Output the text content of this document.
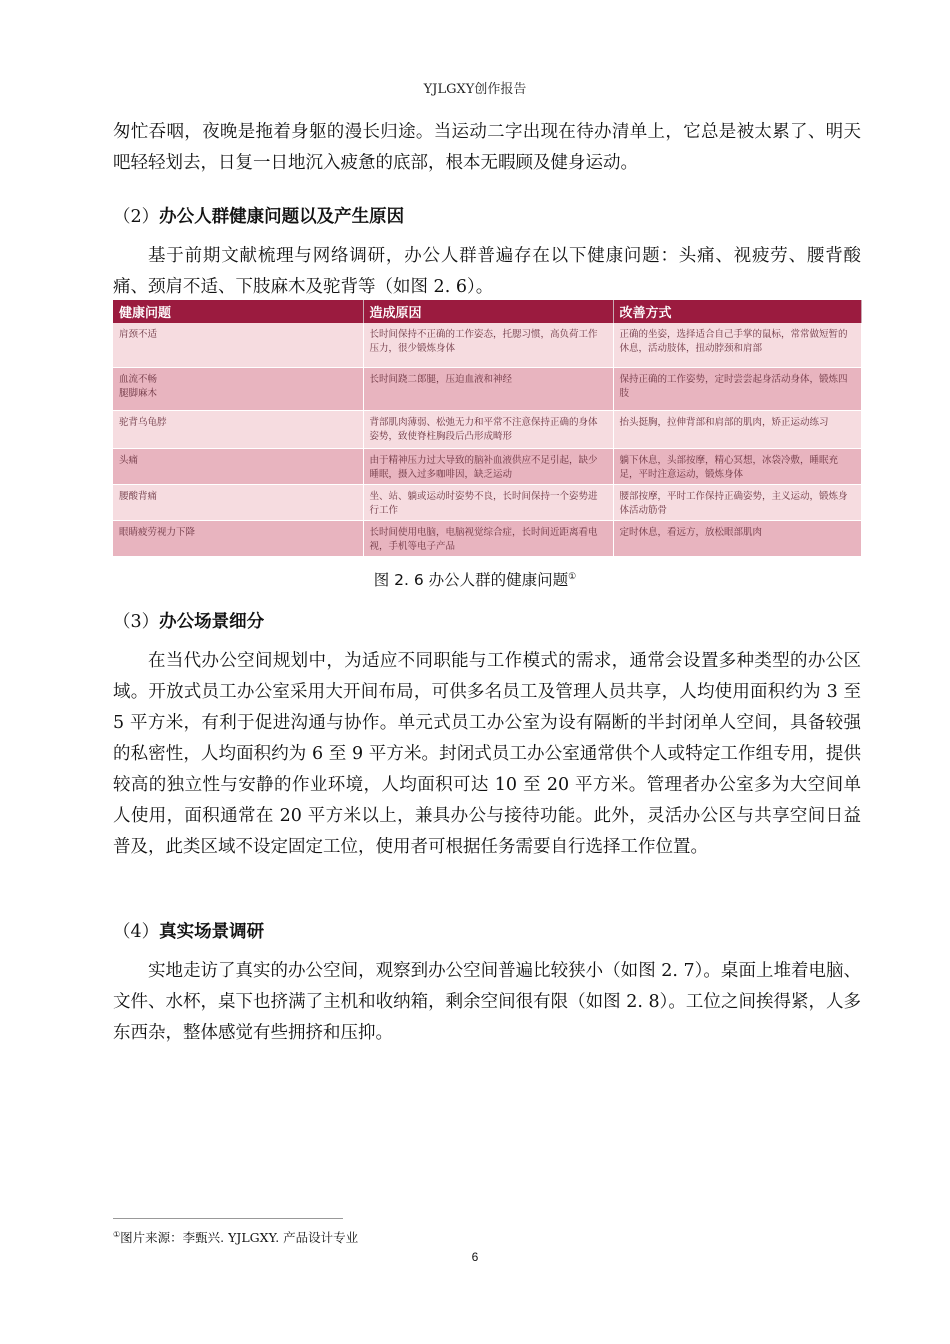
YJLGXY创作报告

匆忙吞咽，夜晚是拖着身躯的漫长归途。当运动二字出现在待办清单上，它总是被太累了、明天吧轻轻划去，日复一日地沉入疲惫的底部，根本无暇顾及健身运动。

（2）办公人群健康问题以及产生原因

基于前期文献梳理与网络调研，办公人群普遍存在以下健康问题：头痛、视疲劳、腰背酸痛、颈肩不适、下肢麻木及驼背等（如图 2. 6）。

健康问题	造成原因	改善方式
肩颈不适	长时间保持不正确的工作姿态，托腮习惯，高负荷工作压力，很少锻炼身体	正确的坐姿，选择适合自己手掌的鼠标，常常做短暂的休息，活动肢体，扭动脖颈和肩部
血流不畅
腿脚麻木	长时间跷二郎腿，压迫血液和神经	保持正确的工作姿势，定时尝尝起身活动身体，锻炼四肢
驼背乌龟脖	背部肌肉薄弱、松弛无力和平常不注意保持正确的身体姿势，致使脊柱胸段后凸形成畸形	抬头挺胸，拉伸背部和肩部的肌肉，矫正运动练习
头痛	由于精神压力过大导致的脑补血液供应不足引起，缺少睡眠，摄入过多咖啡因，缺乏运动	躺下休息，头部按摩，精心冥想，冰袋冷敷，睡眠充足，平时注意运动，锻炼身体
腰酸背痛	坐、站、躺或运动时姿势不良，长时间保持一个姿势进行工作	腰部按摩，平时工作保持正确姿势，主义运动，锻炼身体活动筋骨
眼睛疲劳视力下降	长时间使用电脑，电脑视觉综合症，长时间近距离看电视，手机等电子产品	定时休息，看远方，放松眼部肌肉
图 2. 6 办公人群的健康问题①
（3）办公场景细分

在当代办公空间规划中，为适应不同职能与工作模式的需求，通常会设置多种类型的办公区域。开放式员工办公室采用大开间布局，可供多名员工及管理人员共享，人均使用面积约为 3 至 5 平方米，有利于促进沟通与协作。单元式员工办公室为设有隔断的半封闭单人空间，具备较强的私密性，人均面积约为 6 至 9 平方米。封闭式员工办公室通常供个人或特定工作组专用，提供较高的独立性与安静的作业环境，人均面积可达 10 至 20 平方米。管理者办公室多为大空间单人使用，面积通常在 20 平方米以上，兼具办公与接待功能。此外，灵活办公区与共享空间日益普及，此类区域不设定固定工位，使用者可根据任务需要自行选择工作位置。

（4）真实场景调研

实地走访了真实的办公空间，观察到办公空间普遍比较狭小（如图 2. 7）。桌面上堆着电脑、文件、水杯，桌下也挤满了主机和收纳箱，剩余空间很有限（如图 2. 8）。工位之间挨得紧，人多东西杂，整体感觉有些拥挤和压抑。

①图片来源：李甄兴. YJLGXY. 产品设计专业
6
